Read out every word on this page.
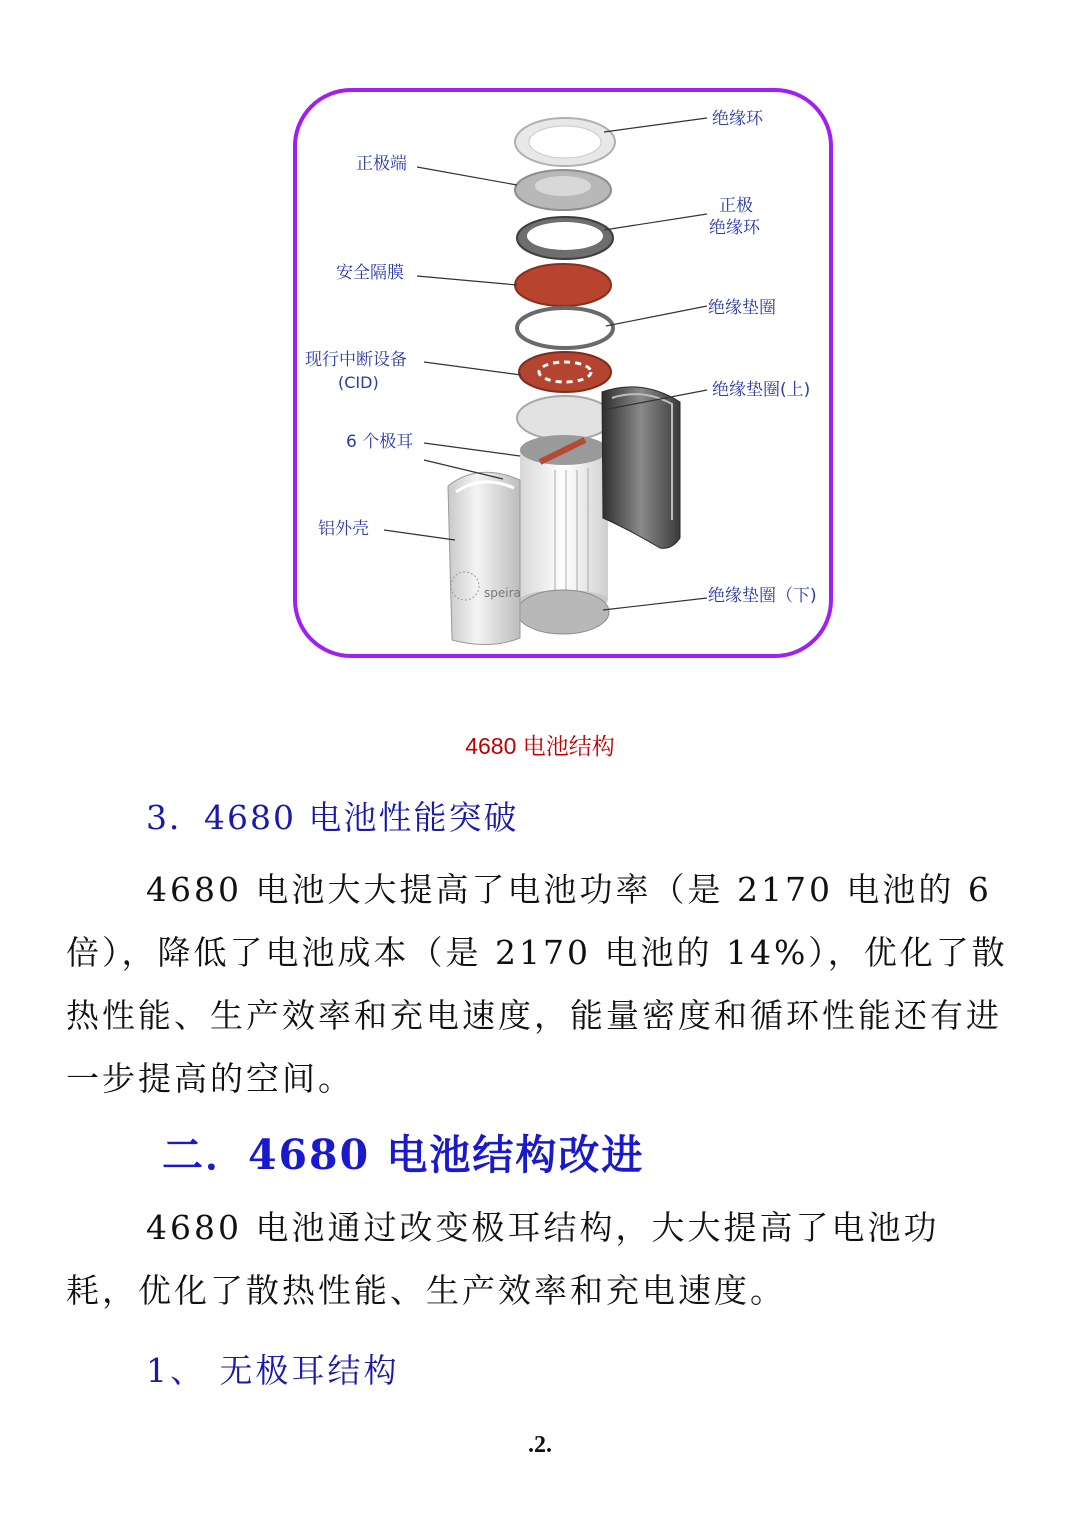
speira
绝缘环
正极端
正极
绝缘环
安全隔膜
绝缘垫圈
现行中断设备
(CID)	绝缘垫圈(上)
6 个极耳
铝外壳
绝缘垫圈（下)
4680 电池结构
3．4680 电池性能突破

4680 电池大大提高了电池功率（是 2170 电池的 6 倍），降低了电池成本（是 2170 电池的 14%），优化了散热性能、生产效率和充电速度，能量密度和循环性能还有进一步提高的空间。

二．4680 电池结构改进

4680 电池通过改变极耳结构，大大提高了电池功耗，优化了散热性能、生产效率和充电速度。

1、 无极耳结构
.2.
